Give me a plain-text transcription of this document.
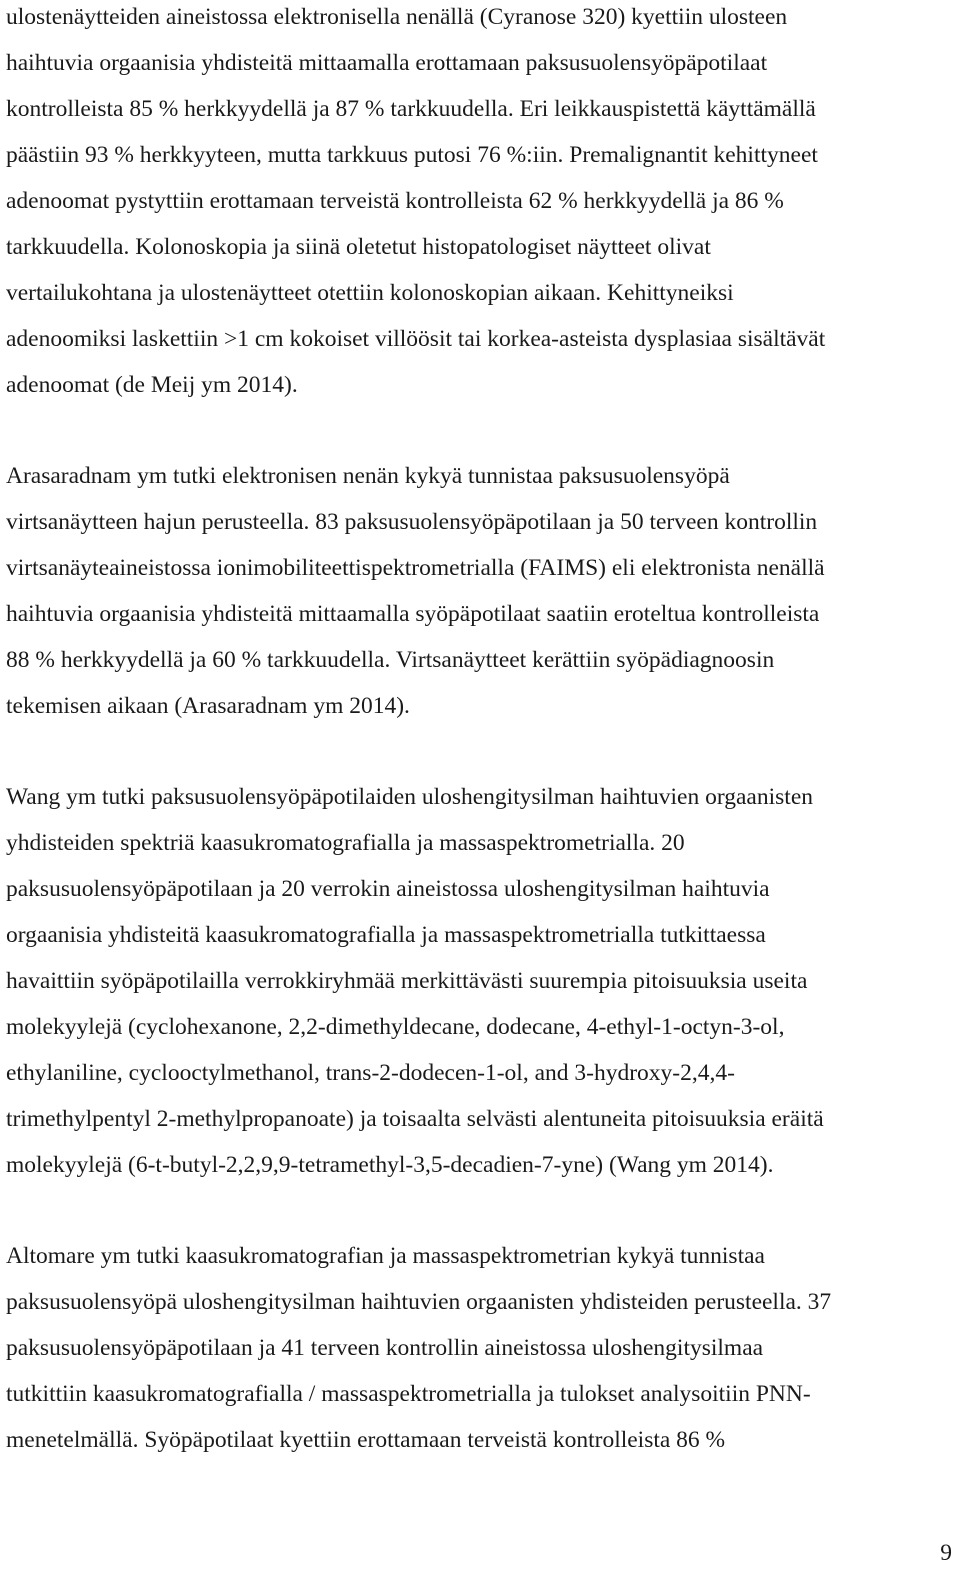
ulostenäytteiden aineistossa elektronisella nenällä (Cyranose 320) kyettiin ulosteen

haihtuvia orgaanisia yhdisteitä mittaamalla erottamaan paksusuolensyöpäpotilaat

kontrolleista 85 % herkkyydellä ja 87 % tarkkuudella. Eri leikkauspistettä käyttämällä

päästiin 93 % herkkyyteen, mutta tarkkuus putosi 76 %:iin. Premalignantit kehittyneet

adenoomat pystyttiin erottamaan terveistä kontrolleista 62 % herkkyydellä ja 86 %

tarkkuudella. Kolonoskopia ja siinä oletetut histopatologiset näytteet olivat

vertailukohtana ja ulostenäytteet otettiin kolonoskopian aikaan. Kehittyneiksi

adenoomiksi laskettiin >1 cm kokoiset villöösit tai korkea-asteista dysplasiaa sisältävät

adenoomat (de Meij ym 2014).

Arasaradnam ym tutki elektronisen nenän kykyä tunnistaa paksusuolensyöpä

virtsanäytteen hajun perusteella. 83 paksusuolensyöpäpotilaan ja 50 terveen kontrollin

virtsanäyteaineistossa ionimobiliteettispektrometrialla (FAIMS) eli elektronista nenällä

haihtuvia orgaanisia yhdisteitä mittaamalla syöpäpotilaat saatiin eroteltua kontrolleista

88 % herkkyydellä ja 60 % tarkkuudella. Virtsanäytteet kerättiin syöpädiagnoosin

tekemisen aikaan (Arasaradnam ym 2014).

Wang ym tutki paksusuolensyöpäpotilaiden uloshengitysilman haihtuvien orgaanisten

yhdisteiden spektriä kaasukromatografialla ja massaspektrometrialla. 20

paksusuolensyöpäpotilaan ja 20 verrokin aineistossa uloshengitysilman haihtuvia

orgaanisia yhdisteitä kaasukromatografialla ja massaspektrometrialla tutkittaessa

havaittiin syöpäpotilailla verrokkiryhmää merkittävästi suurempia pitoisuuksia useita

molekyylejä (cyclohexanone, 2,2-dimethyldecane, dodecane, 4-ethyl-1-octyn-3-ol,

ethylaniline, cyclooctylmethanol, trans-2-dodecen-1-ol, and 3-hydroxy-2,4,4-

trimethylpentyl 2-methylpropanoate) ja toisaalta selvästi alentuneita pitoisuuksia eräitä

molekyylejä (6-t-butyl-2,2,9,9-tetramethyl-3,5-decadien-7-yne) (Wang ym 2014).

Altomare ym tutki kaasukromatografian ja massaspektrometrian kykyä tunnistaa

paksusuolensyöpä uloshengitysilman haihtuvien orgaanisten yhdisteiden perusteella. 37

paksusuolensyöpäpotilaan ja 41 terveen kontrollin aineistossa uloshengitysilmaa

tutkittiin kaasukromatografialla / massaspektrometrialla ja tulokset analysoitiin PNN-

menetelmällä. Syöpäpotilaat kyettiin erottamaan terveistä kontrolleista 86 %

9
